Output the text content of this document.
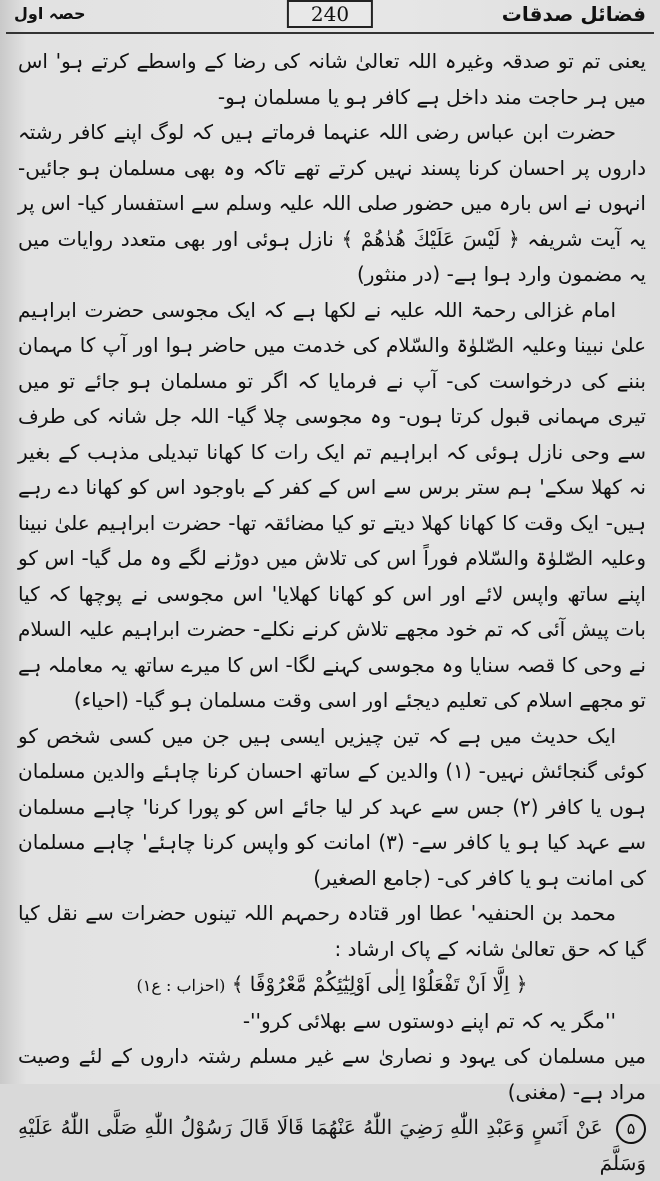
فضائل صدقات
240
حصہ اول

یعنی تم تو صدقہ وغیرہ اللہ تعالیٰ شانہ کی رضا کے واسطے کرتے ہو' اس میں ہر حاجت مند داخل ہے کافر ہو یا مسلمان ہو-

حضرت ابن عباس رضی اللہ عنہما فرماتے ہیں کہ لوگ اپنے کافر رشتہ داروں پر احسان کرنا پسند نہیں کرتے تھے تاکہ وہ بھی مسلمان ہو جائیں- انہوں نے اس بارہ میں حضور صلی اللہ علیہ وسلم سے استفسار کیا- اس پر یہ آیت شریفہ ﴿ لَيْسَ عَلَيْكَ هُدٰهُمْ ﴾ نازل ہوئی اور بھی متعدد روایات میں یہ مضمون وارد ہوا ہے- (در منثور)

امام غزالی رحمۃ اللہ علیہ نے لکھا ہے کہ ایک مجوسی حضرت ابراہیم علیٰ نبینا وعلیہ الصّلوٰۃ والسّلام کی خدمت میں حاضر ہوا اور آپ کا مہمان بننے کی درخواست کی- آپ نے فرمایا کہ اگر تو مسلمان ہو جائے تو میں تیری مہمانی قبول کرتا ہوں- وہ مجوسی چلا گیا- اللہ جل شانہ کی طرف سے وحی نازل ہوئی کہ ابراہیم تم ایک رات کا کھانا تبدیلی مذہب کے بغیر نہ کھلا سکے' ہم ستر برس سے اس کے کفر کے باوجود اس کو کھانا دے رہے ہیں- ایک وقت کا کھانا کھلا دیتے تو کیا مضائقہ تھا- حضرت ابراہیم علیٰ نبینا وعلیہ الصّلوٰۃ والسّلام فوراً اس کی تلاش میں دوڑنے لگے وہ مل گیا- اس کو اپنے ساتھ واپس لائے اور اس کو کھانا کھلایا' اس مجوسی نے پوچھا کہ کیا بات پیش آئی کہ تم خود مجھے تلاش کرنے نکلے- حضرت ابراہیم علیہ السلام نے وحی کا قصہ سنایا وہ مجوسی کہنے لگا- اس کا میرے ساتھ یہ معاملہ ہے تو مجھے اسلام کی تعلیم دیجئے اور اسی وقت مسلمان ہو گیا- (احیاء)

ایک حدیث میں ہے کہ تین چیزیں ایسی ہیں جن میں کسی شخص کو کوئی گنجائش نہیں- (۱) والدین کے ساتھ احسان کرنا چاہئے والدین مسلمان ہوں یا کافر (۲) جس سے عہد کر لیا جائے اس کو پورا کرنا' چاہے مسلمان سے عہد کیا ہو یا کافر سے- (۳) امانت کو واپس کرنا چاہئے' چاہے مسلمان کی امانت ہو یا کافر کی- (جامع الصغیر)

محمد بن الحنفیہ' عطا اور قتادہ رحمہم اللہ تینوں حضرات سے نقل کیا گیا کہ حق تعالیٰ شانہ کے پاک ارشاد :

﴿ اِلَّا اَنْ تَفْعَلُوْا اِلٰی اَوْلِيٰٓئِكُمْ مَّعْرُوْفًا ﴾ (احزاب : ع۱)

''مگر یہ کہ تم اپنے دوستوں سے بھلائی کرو''-

میں مسلمان کی یہود و نصاریٰ سے غیر مسلم رشتہ داروں کے لئے وصیت مراد ہے- (مغنی)

۵ عَنْ اَنَسٍ وَعَبْدِ اللّٰهِ رَضِيَ اللّٰهُ عَنْهُمَا قَالَا قَالَ رَسُوْلُ اللّٰهِ صَلَّى اللّٰهُ عَلَيْهِ وَسَلَّمَ
